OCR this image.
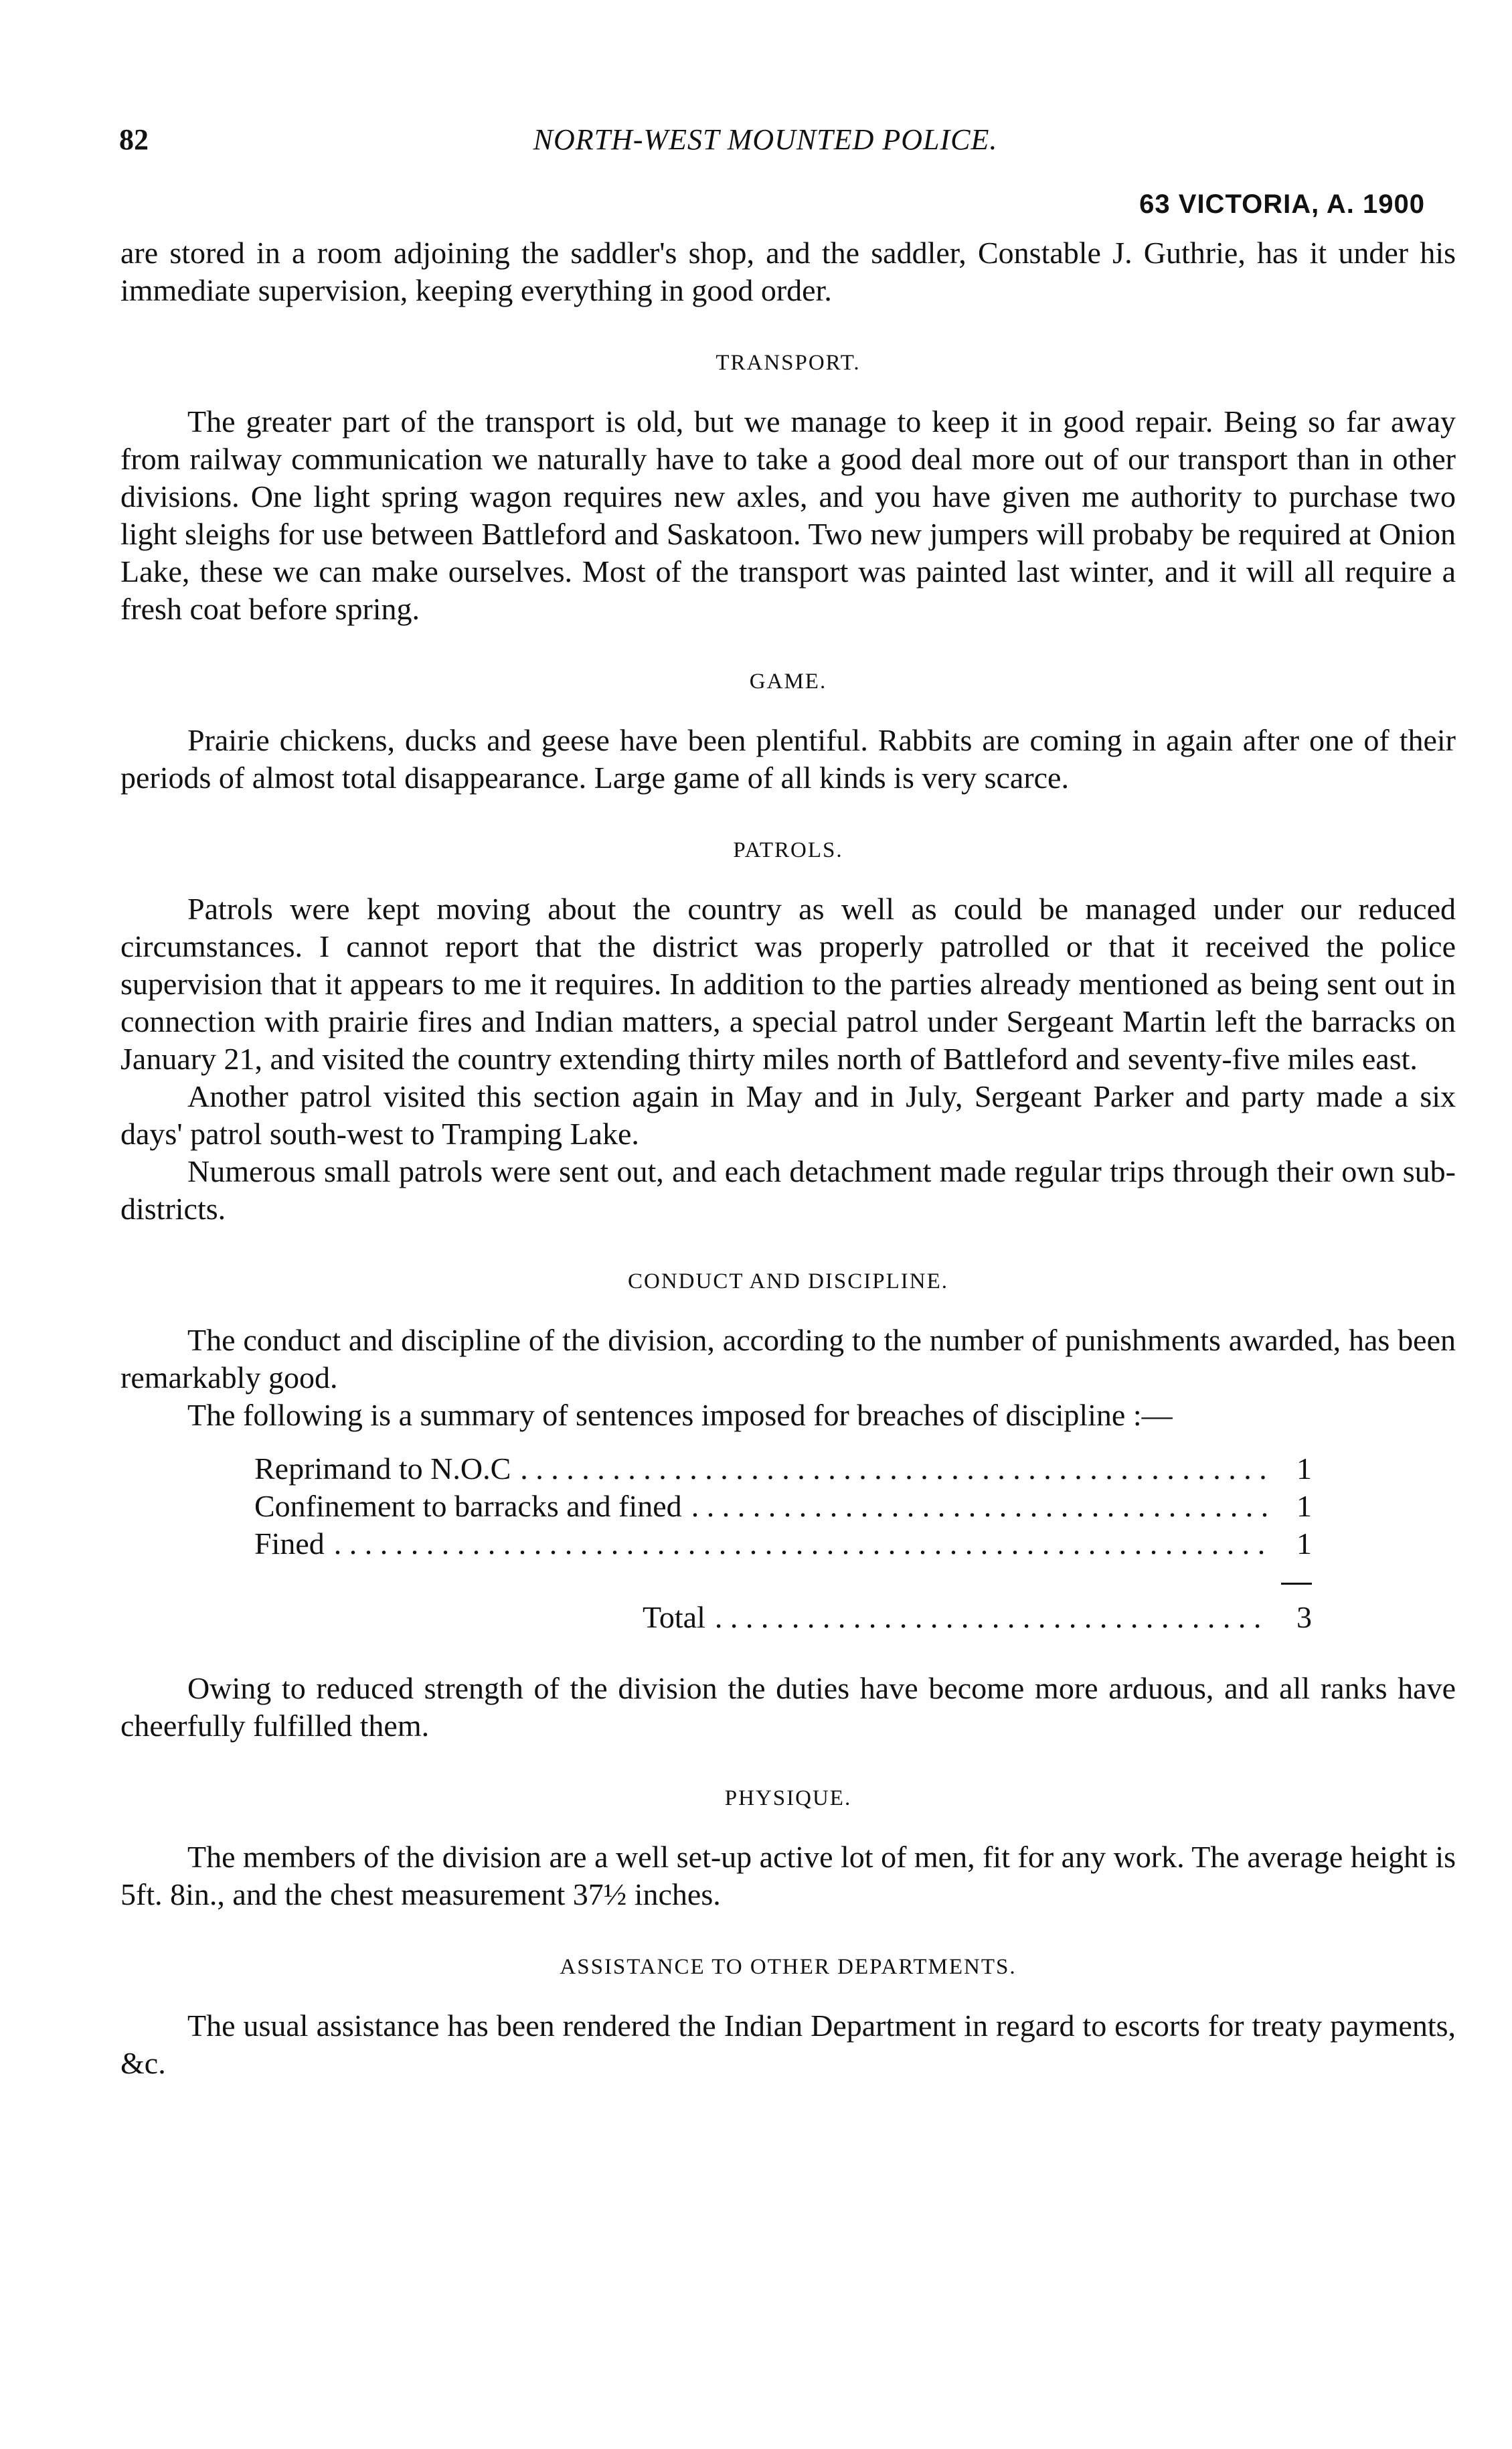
82	NORTH-WEST MOUNTED POLICE.
63 VICTORIA, A. 1900

are stored in a room adjoining the saddler's shop, and the saddler, Constable J. Guthrie, has it under his immediate supervision, keeping everything in good order.

TRANSPORT.

The greater part of the transport is old, but we manage to keep it in good repair. Being so far away from railway communication we naturally have to take a good deal more out of our transport than in other divisions. One light spring wagon requires new axles, and you have given me authority to purchase two light sleighs for use between Battleford and Saskatoon. Two new jumpers will probaby be required at Onion Lake, these we can make ourselves. Most of the transport was painted last winter, and it will all require a fresh coat before spring.

GAME.

Prairie chickens, ducks and geese have been plentiful. Rabbits are coming in again after one of their periods of almost total disappearance. Large game of all kinds is very scarce.

PATROLS.

Patrols were kept moving about the country as well as could be managed under our reduced circumstances. I cannot report that the district was properly patrolled or that it received the police supervision that it appears to me it requires. In addition to the parties already mentioned as being sent out in connection with prairie fires and Indian matters, a special patrol under Sergeant Martin left the barracks on January 21, and visited the country extending thirty miles north of Battleford and seventy-five miles east.

Another patrol visited this section again in May and in July, Sergeant Parker and party made a six days' patrol south-west to Tramping Lake.

Numerous small patrols were sent out, and each detachment made regular trips through their own sub-districts.

CONDUCT AND DISCIPLINE.

The conduct and discipline of the division, according to the number of punishments awarded, has been remarkably good.

The following is a summary of sentences imposed for breaches of discipline :—

Reprimand to N.O.C . . .	1
Confinement to barracks and fined . . .	1
Fined . . .	1
Total . . .	3

Owing to reduced strength of the division the duties have become more arduous, and all ranks have cheerfully fulfilled them.

PHYSIQUE.

The members of the division are a well set-up active lot of men, fit for any work. The average height is 5ft. 8in., and the chest measurement 37½ inches.

ASSISTANCE TO OTHER DEPARTMENTS.

The usual assistance has been rendered the Indian Department in regard to escorts for treaty payments, &c.
